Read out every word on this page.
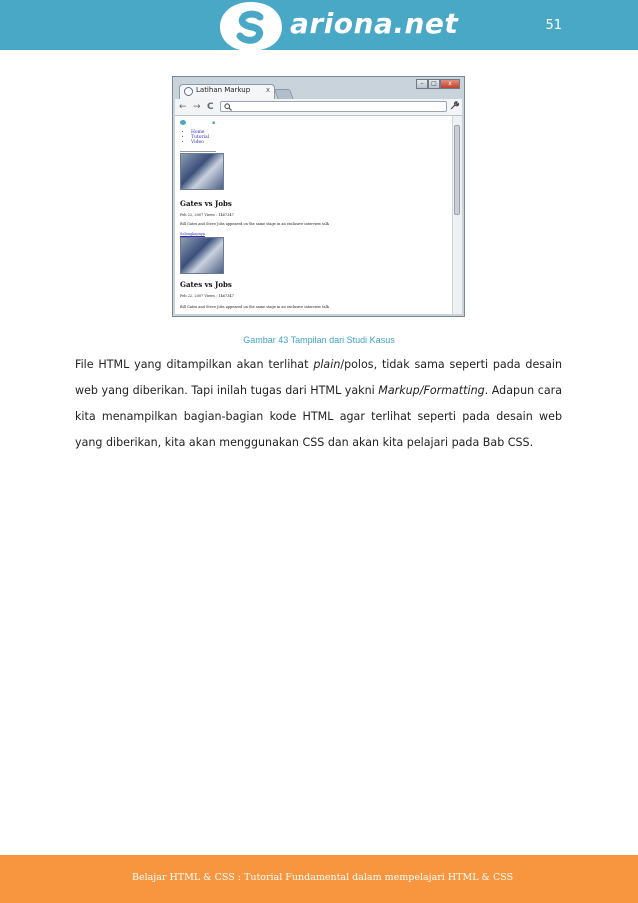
ariona.net	51
Latihan Markup x
–	□	x
← → C
▪
• Home
• Tutorial
• Video
Gates vs Jobs
Feb 22, 2007 Views : 1467347
Bill Gates and Steve Jobs appeared on the same stage in an exclusive interview talk
Selengkapnya
Gates vs Jobs
Feb 22, 2007 Views : 1467347
Bill Gates and Steve Jobs appeared on the same stage in an exclusive interview talk
Gambar 43 Tampilan dari Studi Kasus

File HTML yang ditampilkan akan terlihat plain/polos, tidak sama seperti pada desain web yang diberikan. Tapi inilah tugas dari HTML yakni Markup/Formatting. Adapun cara kita menampilkan bagian-bagian kode HTML agar terlihat seperti pada desain web yang diberikan, kita akan menggunakan CSS dan akan kita pelajari pada Bab CSS.

Belajar HTML & CSS : Tutorial Fundamental dalam mempelajari HTML & CSS
